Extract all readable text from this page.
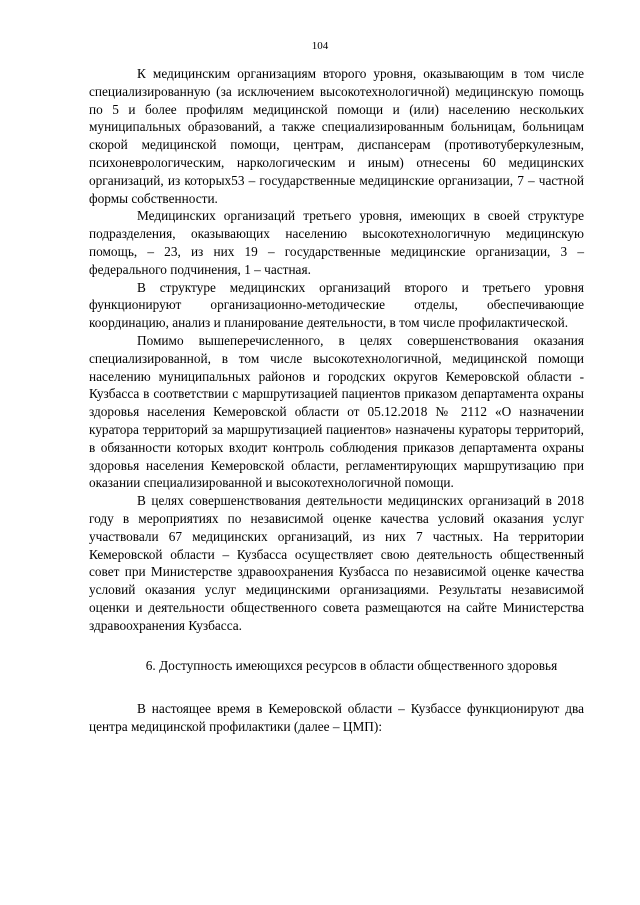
104

К медицинским организациям второго уровня, оказывающим в том числе специализированную (за исключением высокотехнологичной) медицинскую помощь по 5 и более профилям медицинской помощи и (или) населению нескольких муниципальных образований, а также специализированным больницам, больницам скорой медицинской помощи, центрам, диспансерам (противотуберкулезным, психоневрологическим, наркологическим и иным) отнесены 60 медицинских организаций, из которых53 – государственные медицинские организации, 7 – частной формы собственности.

Медицинских организаций третьего уровня, имеющих в своей структуре подразделения, оказывающих населению высокотехнологичную медицинскую помощь, – 23, из них 19 – государственные медицинские организации, 3 – федерального подчинения, 1 – частная.

В структуре медицинских организаций второго и третьего уровня функционируют организационно-методические отделы, обеспечивающие координацию, анализ и планирование деятельности, в том числе профилактической.

Помимо вышеперечисленного, в целях совершенствования оказания специализированной, в том числе высокотехнологичной, медицинской помощи населению муниципальных районов и городских округов Кемеровской области - Кузбасса в соответствии с маршрутизацией пациентов приказом департамента охраны здоровья населения Кемеровской области от 05.12.2018 № 2112 «О назначении куратора территорий за маршрутизацией пациентов» назначены кураторы территорий, в обязанности которых входит контроль соблюдения приказов департамента охраны здоровья населения Кемеровской области, регламентирующих маршрутизацию при оказании специализированной и высокотехнологичной помощи.

В целях совершенствования деятельности медицинских организаций в 2018 году в мероприятиях по независимой оценке качества условий оказания услуг участвовали 67 медицинских организаций, из них 7 частных. На территории Кемеровской области – Кузбасса осуществляет свою деятельность общественный совет при Министерстве здравоохранения Кузбасса по независимой оценке качества условий оказания услуг медицинскими организациями. Результаты независимой оценки и деятельности общественного совета размещаются на сайте Министерства здравоохранения Кузбасса.

6. Доступность имеющихся ресурсов в области общественного здоровья

В настоящее время в Кемеровской области – Кузбассе функционируют два центра медицинской профилактики (далее – ЦМП):
